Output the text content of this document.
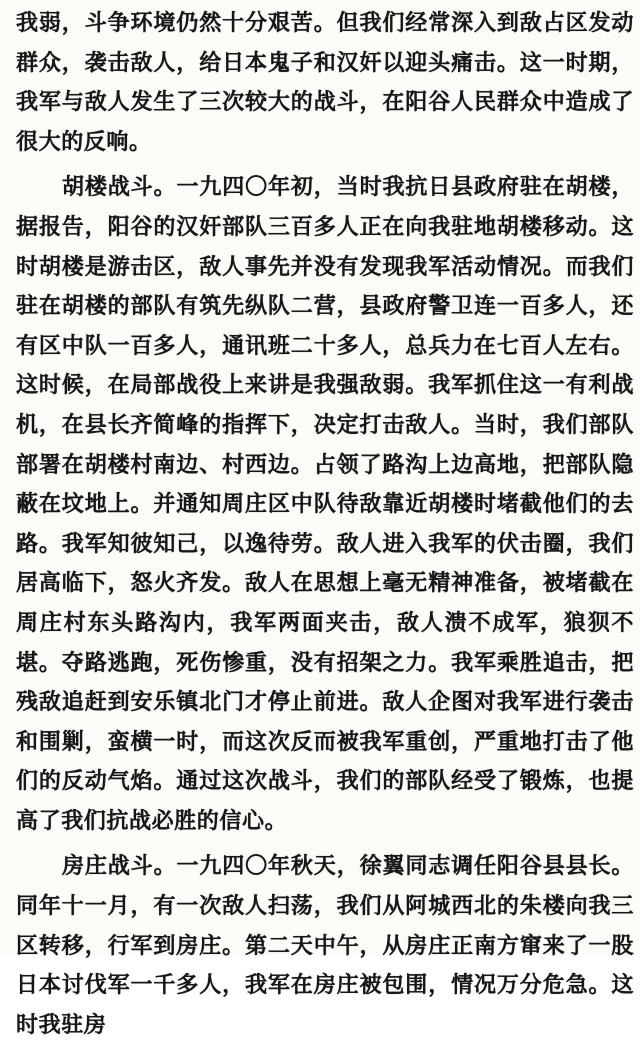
我弱，斗争环境仍然十分艰苦。但我们经常深入到敌占区发动群众，袭击敌人，给日本鬼子和汉奸以迎头痛击。这一时期，我军与敌人发生了三次较大的战斗，在阳谷人民群众中造成了很大的反响。

胡楼战斗。一九四〇年初，当时我抗日县政府驻在胡楼，据报告，阳谷的汉奸部队三百多人正在向我驻地胡楼移动。这时胡楼是游击区，敌人事先并没有发现我军活动情况。而我们驻在胡楼的部队有筑先纵队二营，县政府警卫连一百多人，还有区中队一百多人，通讯班二十多人，总兵力在七百人左右。这时候，在局部战役上来讲是我强敌弱。我军抓住这一有利战机，在县长齐简峰的指挥下，决定打击敌人。当时，我们部队部署在胡楼村南边、村西边。占领了路沟上边高地，把部队隐蔽在坟地上。并通知周庄区中队待敌靠近胡楼时堵截他们的去路。我军知彼知己，以逸待劳。敌人进入我军的伏击圈，我们居高临下，怒火齐发。敌人在思想上毫无精神准备，被堵截在周庄村东头路沟内，我军两面夹击，敌人溃不成军，狼狈不堪。夺路逃跑，死伤惨重，没有招架之力。我军乘胜追击，把残敌追赶到安乐镇北门才停止前进。敌人企图对我军进行袭击和围剿，蛮横一时，而这次反而被我军重创，严重地打击了他们的反动气焰。通过这次战斗，我们的部队经受了锻炼，也提高了我们抗战必胜的信心。

房庄战斗。一九四〇年秋天，徐翼同志调任阳谷县县长。同年十一月，有一次敌人扫荡，我们从阿城西北的朱楼向我三区转移，行军到房庄。第二天中午，从房庄正南方窜来了一股日本讨伐军一千多人，我军在房庄被包围，情况万分危急。这时我驻房
